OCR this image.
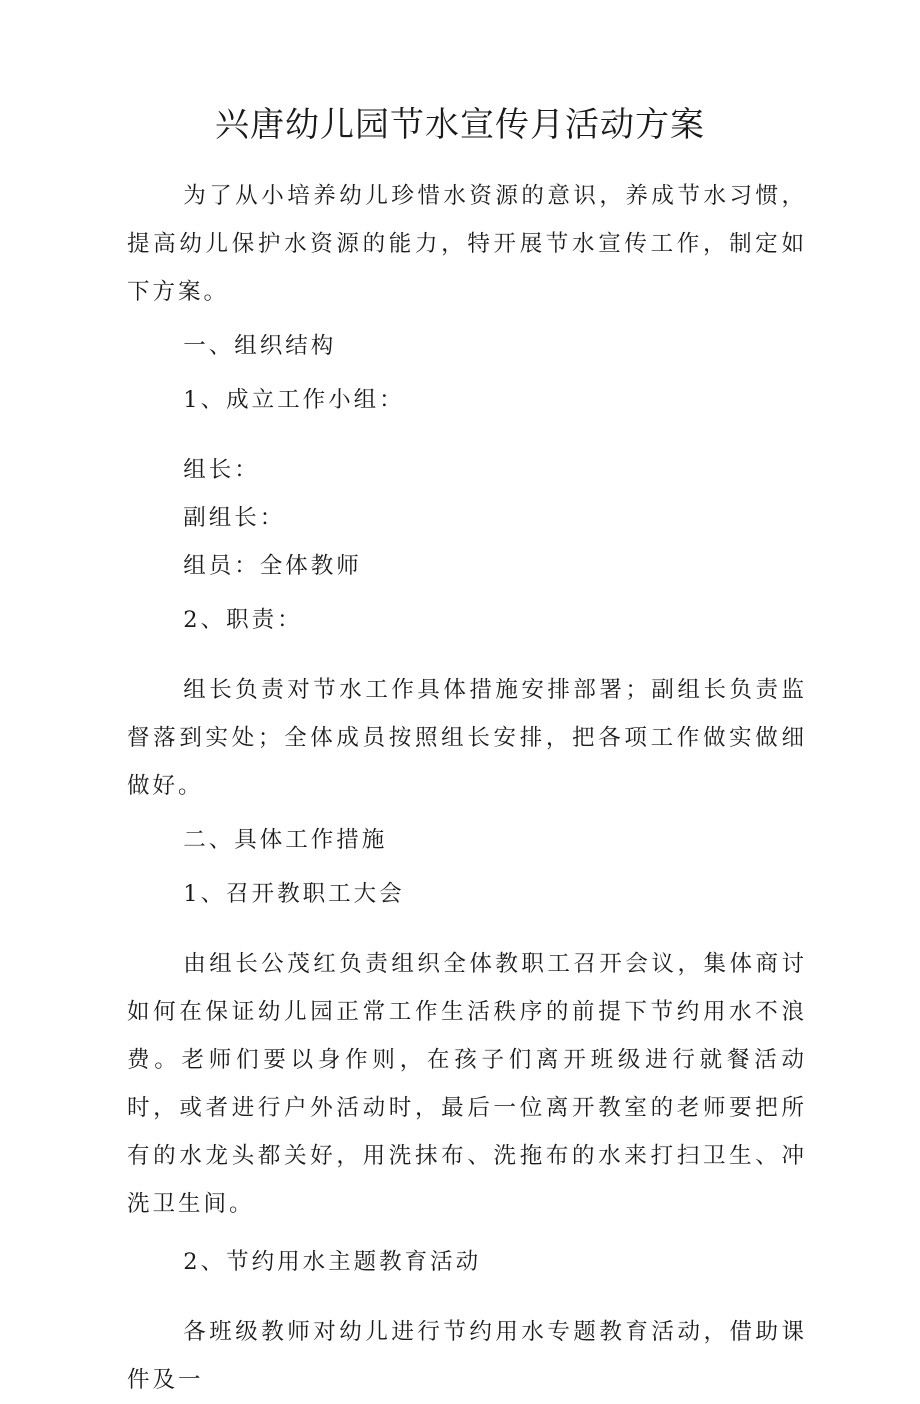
兴唐幼儿园节水宣传月活动方案

为了从小培养幼儿珍惜水资源的意识，养成节水习惯，提高幼儿保护水资源的能力，特开展节水宣传工作，制定如下方案。

一、组织结构

1、成立工作小组：

组长：

副组长：

组员：全体教师

2、职责：

组长负责对节水工作具体措施安排部署；副组长负责监督落到实处；全体成员按照组长安排，把各项工作做实做细做好。

二、具体工作措施

1、召开教职工大会

由组长公茂红负责组织全体教职工召开会议，集体商讨如何在保证幼儿园正常工作生活秩序的前提下节约用水不浪费。老师们要以身作则，在孩子们离开班级进行就餐活动时，或者进行户外活动时，最后一位离开教室的老师要把所有的水龙头都关好，用洗抹布、洗拖布的水来打扫卫生、冲洗卫生间。

2、节约用水主题教育活动

各班级教师对幼儿进行节约用水专题教育活动，借助课件及一
